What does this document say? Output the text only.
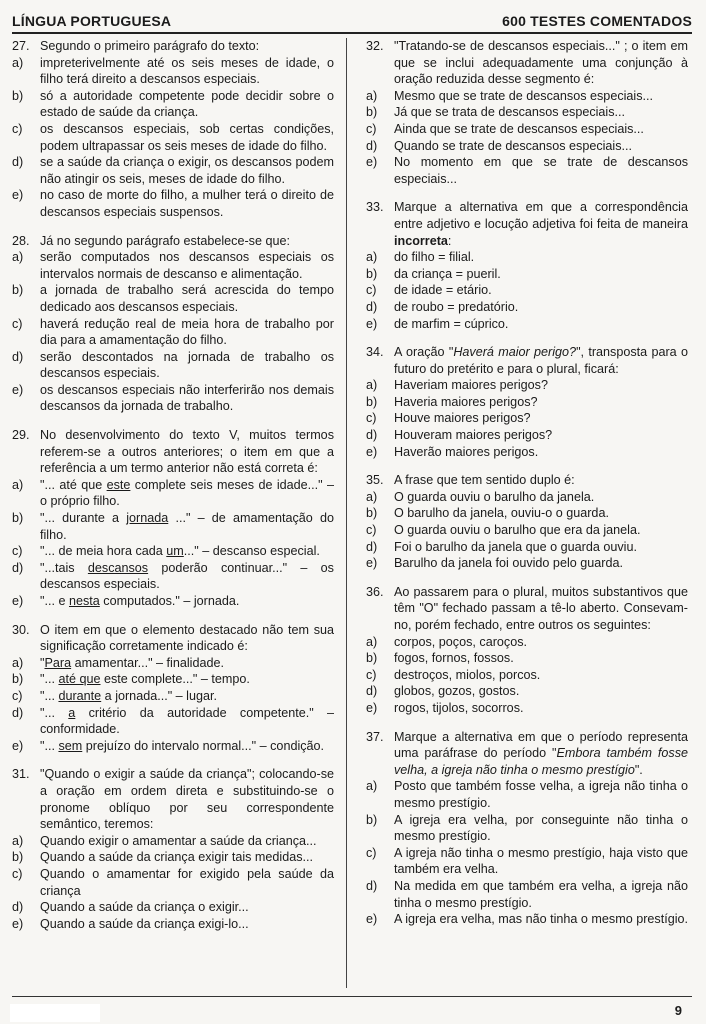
LÍNGUA PORTUGUESA	600 TESTES COMENTADOS
27. Segundo o primeiro parágrafo do texto:
a)	impreterivelmente até os seis meses de idade, o filho terá direito a descansos especiais.
b)	só a autoridade competente pode decidir sobre o estado de saúde da criança.
c)	os descansos especiais, sob certas condições, podem ultrapassar os seis meses de idade do filho.
d)	se a saúde da criança o exigir, os descansos podem não atingir os seis, meses de idade do filho.
e)	no caso de morte do filho, a mulher terá o direito de descansos especiais suspensos.
28. Já no segundo parágrafo estabelece-se que:
a)	serão computados nos descansos especiais os intervalos normais de descanso e alimentação.
b)	a jornada de trabalho será acrescida do tempo dedicado aos descansos especiais.
c)	haverá redução real de meia hora de trabalho por dia para a amamentação do filho.
d)	serão descontados na jornada de trabalho os descansos especiais.
e)	os descansos especiais não interferirão nos demais descansos da jornada de trabalho.
29. No desenvolvimento do texto V, muitos termos referem-se a outros anteriores; o item em que a referência a um termo anterior não está correta é:
a)	"... até que este complete seis meses de idade..." – o próprio filho.
b)	"... durante a jornada ..." – de amamentação do filho.
c)	"... de meia hora cada um..." – descanso especial.
d)	"...tais descansos poderão continuar..." – os descansos especiais.
e)	"... e nesta computados." – jornada.
30. O item em que o elemento destacado não tem sua significação corretamente indicado é:
a)	"Para amamentar..." – finalidade.
b)	"... até que este complete..." – tempo.
c)	"... durante a jornada..." – lugar.
d)	"... a critério da autoridade competente." – conformidade.
e)	"... sem prejuízo do intervalo normal..." – condição.
31. "Quando o exigir a saúde da criança"; colocando-se a oração em ordem direta e substituindo-se o pronome oblíquo por seu correspondente semântico, teremos:
a)	Quando exigir o amamentar a saúde da criança...
b)	Quando a saúde da criança exigir tais medidas...
c)	Quando o amamentar for exigido pela saúde da criança
d)	Quando a saúde da criança o exigir...
e)	Quando a saúde da criança exigi-lo...
32. "Tratando-se de descansos especiais..." ; o item em que se inclui adequadamente uma conjunção à oração reduzida desse segmento é:
a)	Mesmo que se trate de descansos especiais...
b)	Já que se trata de descansos especiais...
c)	Ainda que se trate de descansos especiais...
d)	Quando se trate de descansos especiais...
e)	No momento em que se trate de descansos especiais...
33. Marque a alternativa em que a correspondência entre adjetivo e locução adjetiva foi feita de maneira incorreta:
a)	do filho = filial.
b)	da criança = pueril.
c)	de idade = etário.
d)	de roubo = predatório.
e)	de marfim = cúprico.
34. A oração "Haverá maior perigo?", transposta para o futuro do pretérito e para o plural, ficará:
a)	Haveriam maiores perigos?
b)	Haveria maiores perigos?
c)	Houve maiores perigos?
d)	Houveram maiores perigos?
e)	Haverão maiores perigos.
35. A frase que tem sentido duplo é:
a)	O guarda ouviu o barulho da janela.
b)	O barulho da janela, ouviu-o o guarda.
c)	O guarda ouviu o barulho que era da janela.
d)	Foi o barulho da janela que o guarda ouviu.
e)	Barulho da janela foi ouvido pelo guarda.
36. Ao passarem para o plural, muitos substantivos que têm "O" fechado passam a tê-lo aberto. Consevam-no, porém fechado, entre outros os seguintes:
a)	corpos, poços, caroços.
b)	fogos, fornos, fossos.
c)	destroços, miolos, porcos.
d)	globos, gozos, gostos.
e)	rogos, tijolos, socorros.
37. Marque a alternativa em que o período representa uma paráfrase do período "Embora também fosse velha, a igreja não tinha o mesmo prestígio".
a)	Posto que também fosse velha, a igreja não tinha o mesmo prestígio.
b)	A igreja era velha, por conseguinte não tinha o mesmo prestígio.
c)	A igreja não tinha o mesmo prestígio, haja visto que também era velha.
d)	Na medida em que também era velha, a igreja não tinha o mesmo prestígio.
e)	A igreja era velha, mas não tinha o mesmo prestígio.
9
